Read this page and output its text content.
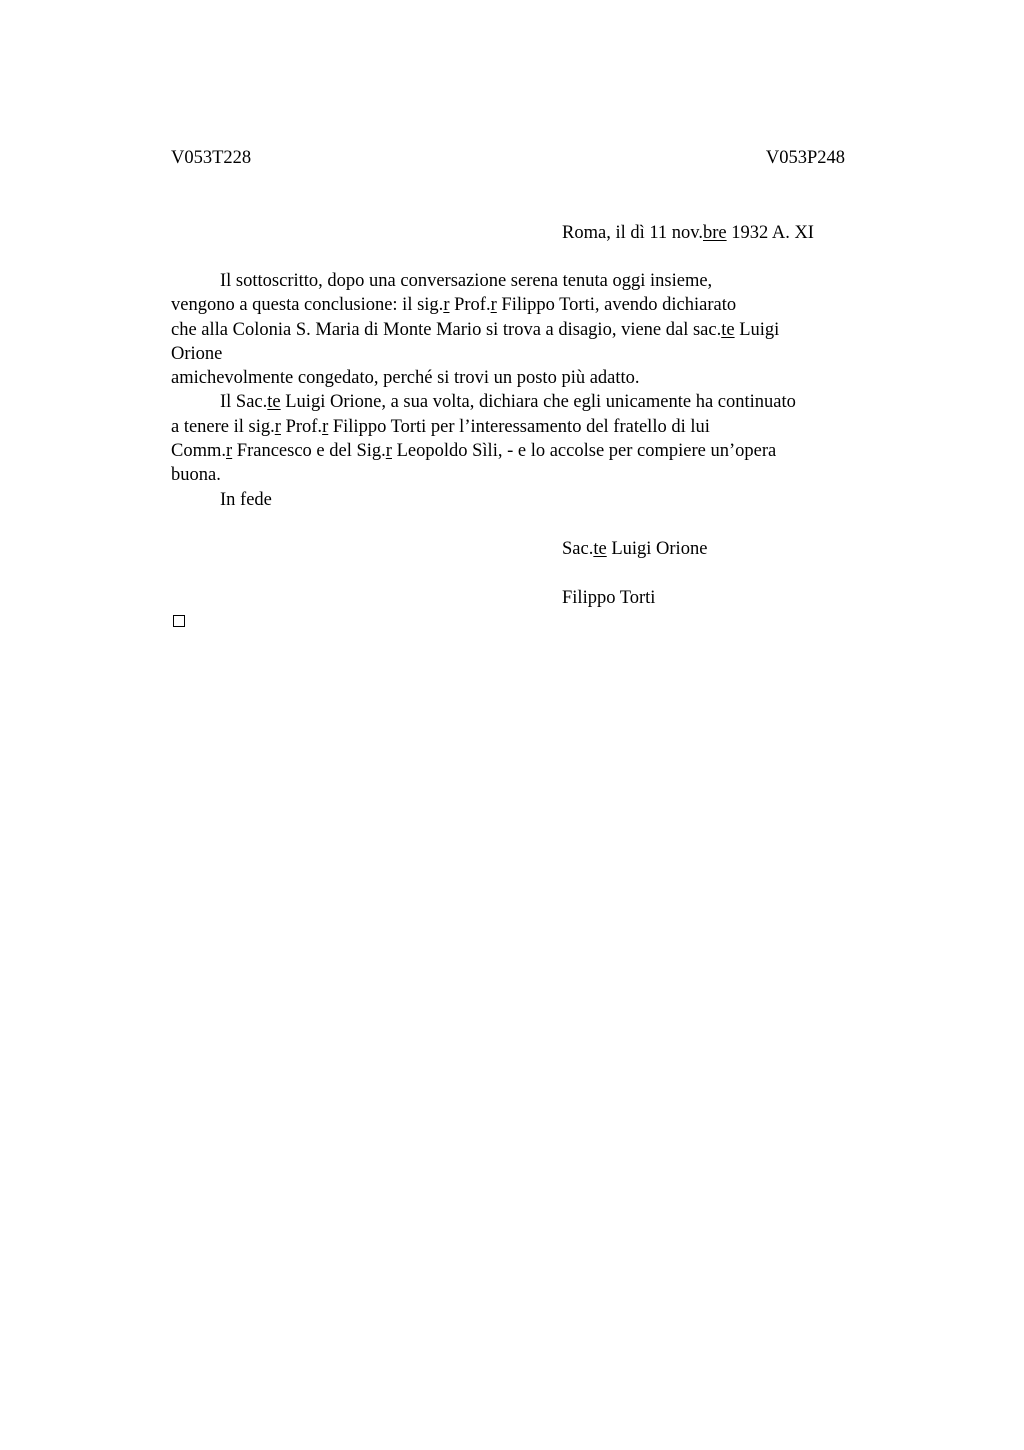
V053T228	V053P248
Roma, il dì 11 nov.bre 1932 A. XI
Il sottoscritto, dopo una conversazione serena tenuta oggi insieme,
vengono a questa conclusione: il sig.r Prof.r Filippo Torti, avendo dichiarato
che alla Colonia S. Maria di Monte Mario si trova a disagio, viene dal sac.te Luigi
Orione
amichevolmente congedato, perché si trovi un posto più adatto.
Il Sac.te Luigi Orione, a sua volta, dichiara che egli unicamente ha continuato
a tenere il sig.r Prof.r Filippo Torti per l’interessamento del fratello di lui
Comm.r Francesco e del Sig.r Leopoldo Sìli, - e lo accolse per compiere un’opera
buona.
In fede
Sac.te Luigi Orione
Filippo Torti
